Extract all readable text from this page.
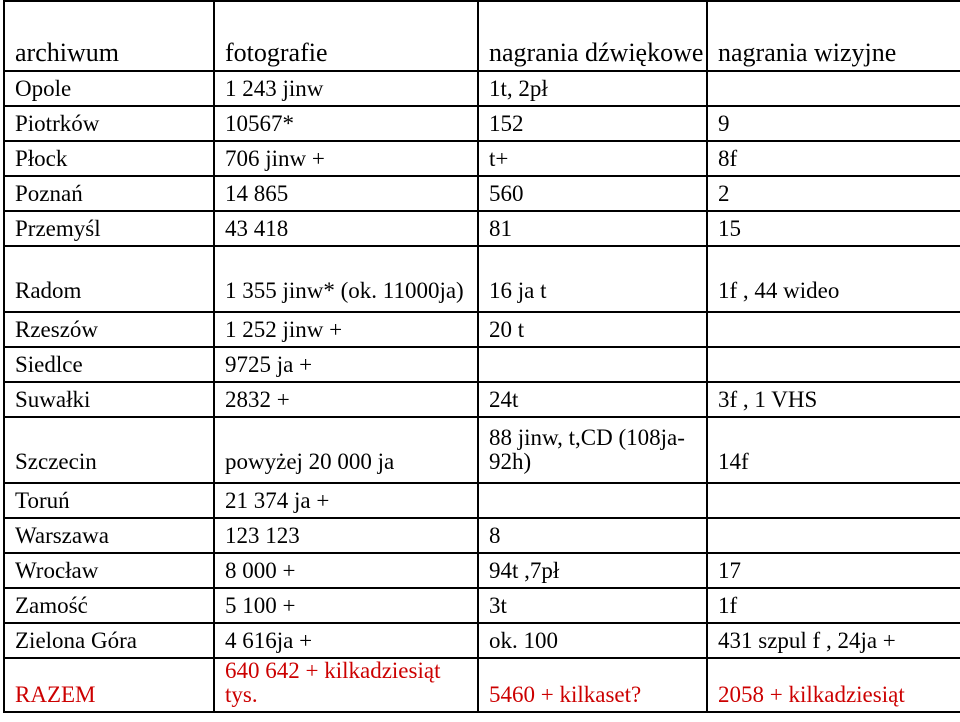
archiwum	fotografie	nagrania dźwiękowe	nagrania wizyjne
Opole	1 243 jinw	1t, 2pł	
Piotrków	10567*	152	9
Płock	706 jinw +	t+	8f
Poznań	14 865	560	2
Przemyśl	43 418	81	15
Radom	1 355 jinw* (ok. 11000ja)	16 ja t	1f , 44 wideo
Rzeszów	1 252 jinw +	20 t	
Siedlce	9725 ja +		
Suwałki	2832 +	24t	3f , 1 VHS
Szczecin	powyżej 20 000 ja	88 jinw, t,CD (108ja-92h)	14f
Toruń	21 374 ja +		
Warszawa	123 123	8	
Wrocław	8 000 +	94t ,7pł	17
Zamość	5 100 +	3t	1f
Zielona Góra	4 616ja +	ok. 100	431 szpul f , 24ja +
RAZEM	640 642 + kilkadziesiąt tys.	5460 + kilkaset?	2058 + kilkadziesiąt
